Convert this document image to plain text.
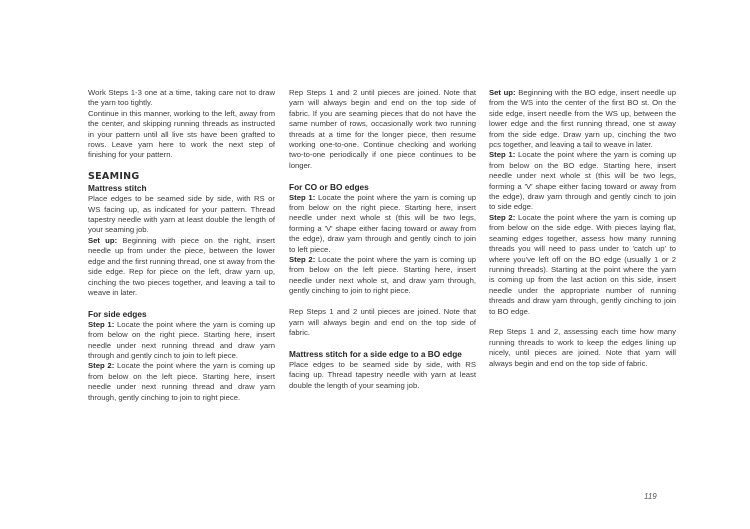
Work Steps 1-3 one at a time, taking care not to draw the yarn too tightly.

Continue in this manner, working to the left, away from the center, and skipping running threads as instructed in your pattern until all live sts have been grafted to rows. Leave yarn here to work the next step of finishing for your pattern.

SEAMING
Mattress stitch

Place edges to be seamed side by side, with RS or WS facing up, as indicated for your pattern. Thread tapestry needle with yarn at least double the length of your seaming job.

Set up: Beginning with piece on the right, insert needle up from under the piece, between the lower edge and the first running thread, one st away from the side edge. Rep for piece on the left, draw yarn up, cinching the two pieces together, and leaving a tail to weave in later.

For side edges

Step 1: Locate the point where the yarn is coming up from below on the right piece. Starting here, insert needle under next running thread and draw yarn through and gently cinch to join to left piece.

Step 2: Locate the point where the yarn is coming up from below on the left piece. Starting here, insert needle under next running thread and draw yarn through, gently cinching to join to right piece.

Rep Steps 1 and 2 until pieces are joined. Note that yarn will always begin and end on the top side of fabric. If you are seaming pieces that do not have the same number of rows, occasionally work two running threads at a time for the longer piece, then resume working one-to-one. Continue checking and working two-to-one periodically if one piece continues to be longer.

For CO or BO edges

Step 1: Locate the point where the yarn is coming up from below on the right piece. Starting here, insert needle under next whole st (this will be two legs, forming a 'V' shape either facing toward or away from the edge), draw yarn through and gently cinch to join to left piece.

Step 2: Locate the point where the yarn is coming up from below on the left piece. Starting here, insert needle under next whole st, and draw yarn through, gently cinching to join to right piece.

Rep Steps 1 and 2 until pieces are joined. Note that yarn will always begin and end on the top side of fabric.

Mattress stitch for a side edge to a BO edge

Place edges to be seamed side by side, with RS facing up. Thread tapestry needle with yarn at least double the length of your seaming job.

Set up: Beginning with the BO edge, insert needle up from the WS into the center of the first BO st. On the side edge, insert needle from the WS up, between the lower edge and the first running thread, one st away from the side edge. Draw yarn up, cinching the two pcs together, and leaving a tail to weave in later.

Step 1: Locate the point where the yarn is coming up from below on the BO edge. Starting here, insert needle under next whole st (this will be two legs, forming a 'V' shape either facing toward or away from the edge), draw yarn through and gently cinch to join to side edge.

Step 2: Locate the point where the yarn is coming up from below on the side edge. With pieces laying flat, seaming edges together, assess how many running threads you will need to pass under to 'catch up' to where you've left off on the BO edge (usually 1 or 2 running threads). Starting at the point where the yarn is coming up from the last action on this side, insert needle under the appropriate number of running threads and draw yarn through, gently cinching to join to BO edge.

Rep Steps 1 and 2, assessing each time how many running threads to work to keep the edges lining up nicely, until pieces are joined. Note that yarn will always begin and end on the top side of fabric.

119
